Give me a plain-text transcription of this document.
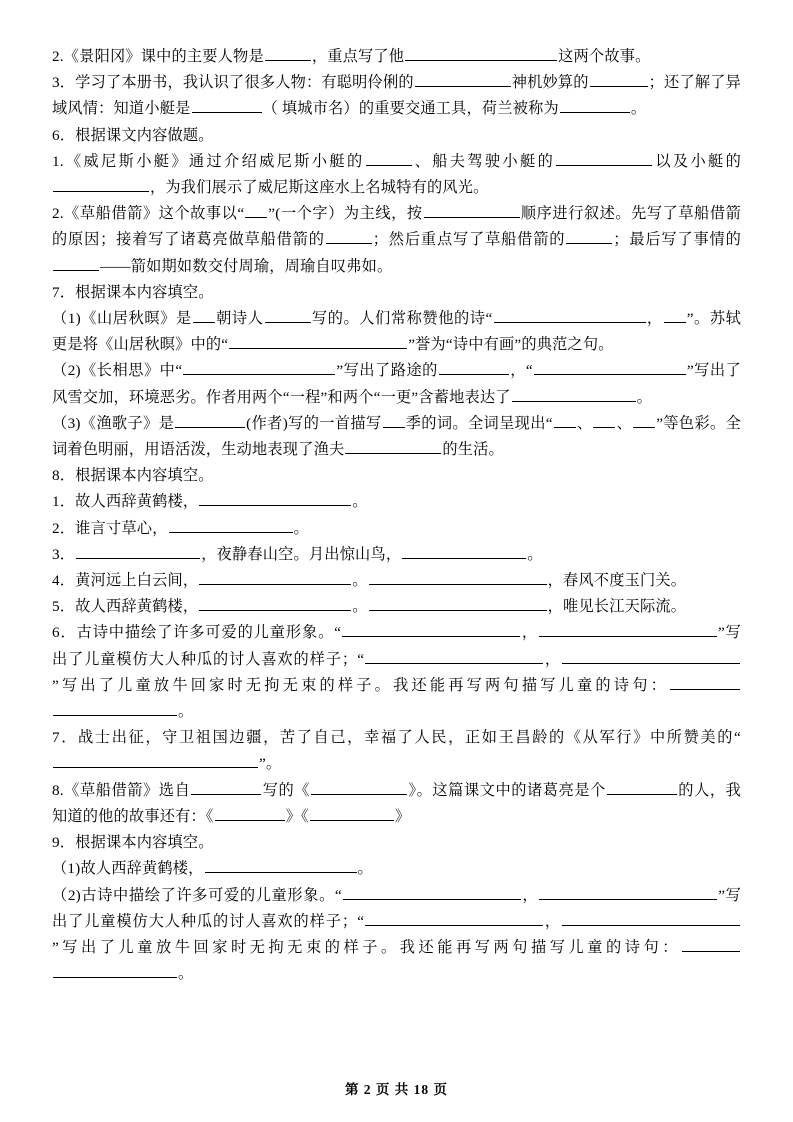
2.《景阳冈》课中的主要人物是	，重点写了他	这两个故事。

3．学习了本册书，我认识了很多人物：有聪明伶俐的	神机妙算的	；还了解了异域风情：知道小艇是	（ 填城市名）的重要交通工具，荷兰被称为	。

6．根据课文内容做题。

1.《威尼斯小艇》通过介绍威尼斯小艇的	、船夫驾驶小艇的	以及小艇的，为我们展示了威尼斯这座水上名城特有的风光。

2.《草船借箭》这个故事以“ ”(一个字）为主线，按	顺序进行叙述。先写了草船借箭的原因；接着写了诸葛亮做草船借箭的	；然后重点写了草船借箭的	；最后写了事情的——箭如期如数交付周瑜，周瑜自叹弗如。

7．根据课本内容填空。

（1)《山居秋暝》是 朝诗人	写的。人们常称赞他的诗“	， ”。苏轼更是将《山居秋暝》中的“	”誉为“诗中有画”的典范之句。

（2)《长相思》中“	”写出了路途的	，“	”写出了风雪交加，环境恶劣。作者用两个“一程”和两个“一更”含蓄地表达了	。

（3)《渔歌子》是	(作者)写的一首描写 季的词。全词呈现出“ 、 、 ”等色彩。全词着色明丽，用语活泼，生动地表现了渔夫	的生活。

8．根据课本内容填空。

1．故人西辞黄鹤楼，	。

2．谁言寸草心，	。

3．	，夜静春山空。月出惊山鸟，	。

4．黄河远上白云间，	。	，春风不度玉门关。

5．故人西辞黄鹤楼，	。	，唯见长江天际流。

6．古诗中描绘了许多可爱的儿童形象。“	，	”写出了儿童模仿大人种瓜的讨人喜欢的样子；“	，”写出了儿童放牛回家时无拘无束的样子。我还能再写两句描写儿童的诗句：。

7．战士出征，守卫祖国边疆，苦了自己，幸福了人民，正如王昌龄的《从军行》中所赞美的“”。

8.《草船借箭》选自	写的《	》。这篇课文中的诸葛亮是个	的人，我知道的他的故事还有：《	》《	》

9．根据课本内容填空。

（1)故人西辞黄鹤楼，	。

（2)古诗中描绘了许多可爱的儿童形象。“	，	”写出了儿童模仿大人种瓜的讨人喜欢的样子；“	，”写出了儿童放牛回家时无拘无束的样子。我还能再写两句描写儿童的诗句：。

第 2 页 共 18 页
